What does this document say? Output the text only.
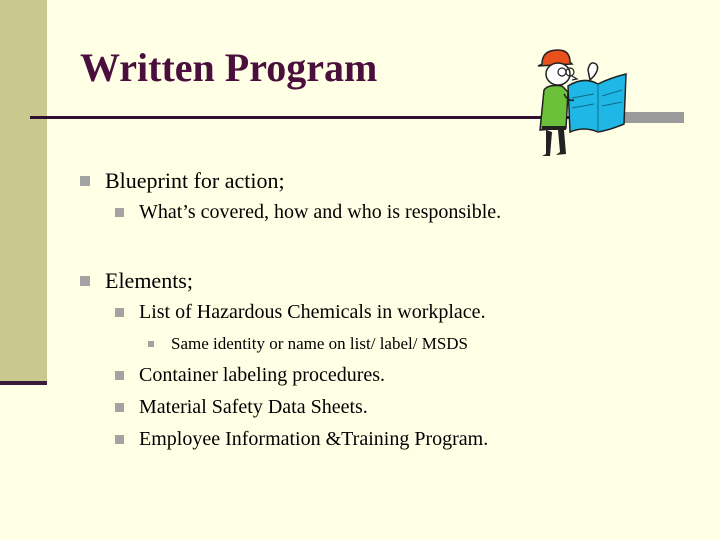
Written Program
Blueprint for action;
What’s covered, how and who is responsible.
Elements;
List of Hazardous Chemicals in workplace.
Same identity or name on list/ label/ MSDS
Container labeling procedures.
Material Safety Data Sheets.
Employee Information &Training Program.
